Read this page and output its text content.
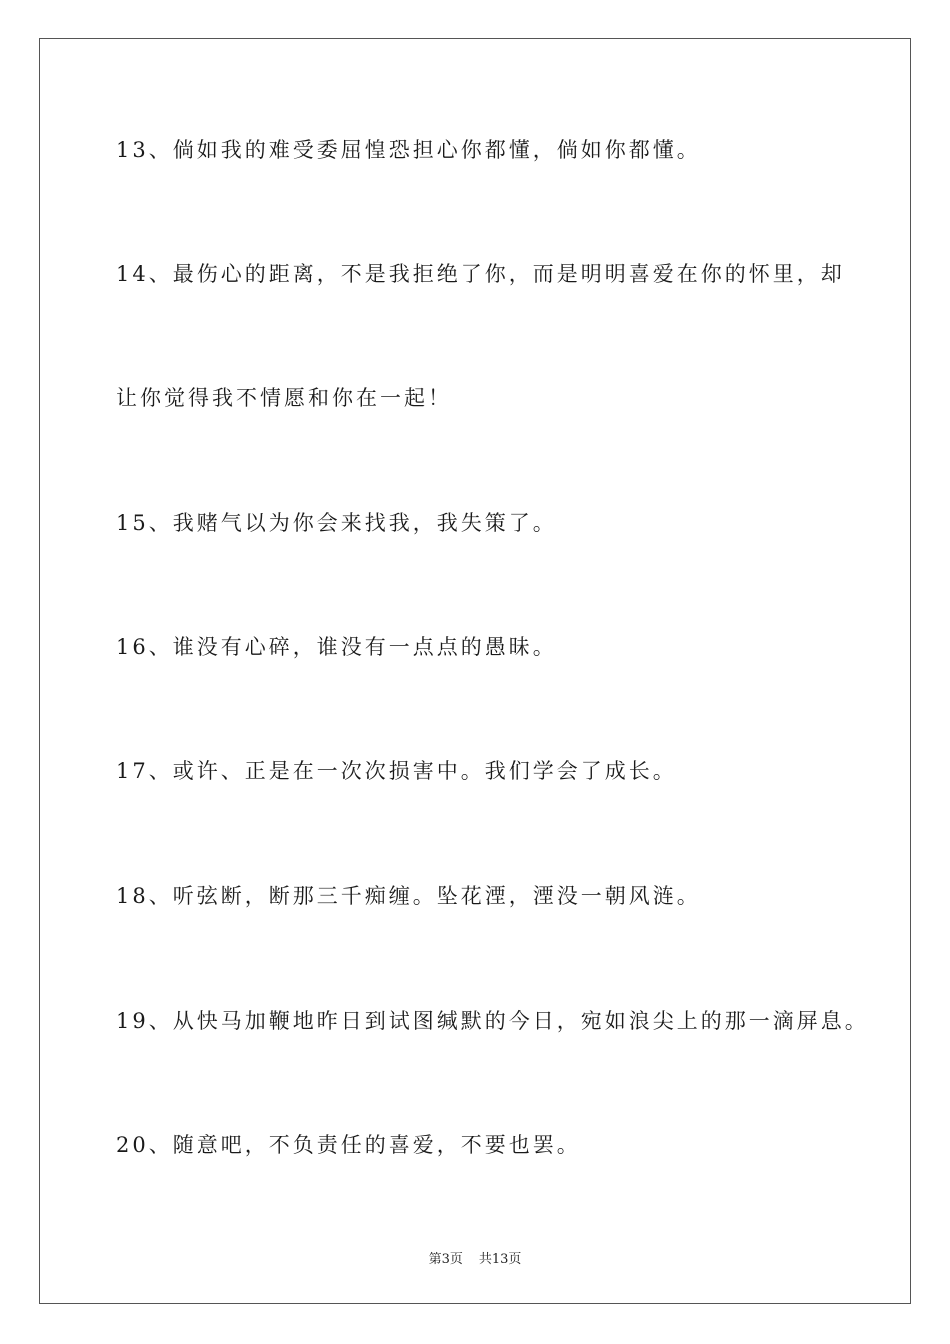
13、倘如我的难受委屈惶恐担心你都懂，倘如你都懂。
14、最伤心的距离，不是我拒绝了你，而是明明喜爱在你的怀里，却
让你觉得我不情愿和你在一起！
15、我赌气以为你会来找我，我失策了。
16、谁没有心碎，谁没有一点点的愚昧。
17、或许、正是在一次次损害中。我们学会了成长。
18、听弦断，断那三千痴缠。坠花湮，湮没一朝风涟。
19、从快马加鞭地昨日到试图缄默的今日，宛如浪尖上的那一滴屏息。
20、随意吧，不负责任的喜爱，不要也罢。
第3页 共13页
